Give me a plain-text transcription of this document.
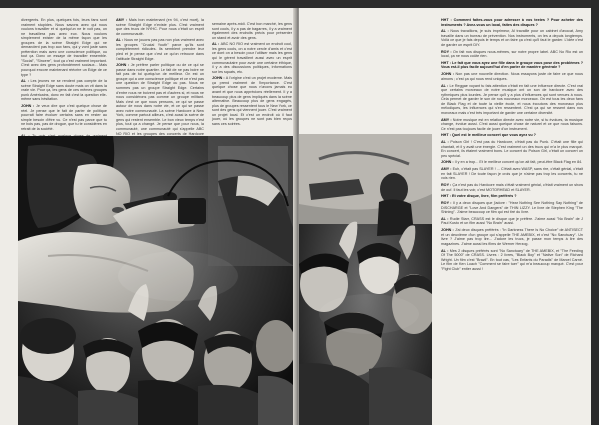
divergents. En plus, quelques fois, leurs fans sont vraiment stupides. Nous savons avec qui nous voulons travailler et si quelqu'un ne le voit pas, on ne travaillera pas avec eux. Nous voulons simplement exister de la même façon que les groupes de la scène Straight Edge qui ne demandent pas trop aux fans, qui y vont juste sans prétention mais avec une conscience politique, ou tout ça. Donc on essaye de travailler ensemble. "Social", "Sincere", tout ça c'est vraiment important. C'est avec des gens profondément sociaux... Mais pourquoi encore maintenant réécrire un Edge de ce type ?

AL : Les jeunes ne se rendent pas compte de la scène Straight Edge sans doute mais on vit dans la vraie vie. Pour ça, les gens de ces mêmes groupes punk Américains, donc en fait c'est la question elle-même sans hésitation.

JOHN : Je veux dire que c'est quelque chose de réel. Je pense que le fait de parler de politique pourrait faire évoluer certains sans en rester au simple besoin d'être vu. Ce n'est pas parce que tu ne bois pas, pas de drogue, que tu te considères en retrait de la société.

AMY : Mais bon maintenant (en 94, c'est mort), la scène Straight Edge n'existe plus. C'est vraiment que des trucs de NYHC. Pour nous c'était un esprit de communauté.

AL : Nous ne jouons pas pas non plus vraiment avec les groupes "Crucial Youth" parce qu'ils sont complètement ridicules. Ils semblent prendre leur pied et je pense que c'est ce qu'on retrouve dans l'attitude Straight Edge.

JOHN : Je préfère parler politique ou de ce qui se passe dans notre quartier. Le fait de ne pas boire ne fait pas de toi quelqu'un de meilleur. On est un groupe qui a une conscience politique et ce n'est pas une question de Straight Edge ou pas. Nous ne sommes pas un groupe Straight Edge. Certains d'entre nous ne boivent pas et d'autres si, et nous ne nous considérons pas comme un groupe militant. Mais c'est ce que nous pensons, ce qui se passe autour de nous dans notre vie, et ce qui se passe avec notre communauté. La scène Hardcore à New York, comme partout ailleurs, c'est aussi la scène de gens qui restent ensemble. Le bon vieux temps n'est plus, tout ça a changé. Je pense que pour nous, la communauté, une communauté qui s'appelle ABC NO RIO et les groupes des concerts de Hardcore

semaine après-midi. C'est bon marché, les gens sont cools, il y a pas de bagarres, il y a vraiment également des endroits précis pour présenter un stand et avoir des gens.

AL : ABC NO RIO est vraiment un endroit cool, les gens cools, on a notre cercle d'amis et c'est ce dont on a besoin pour l'utiliser mais les gens qui le gèrent travaillent aussi avec un esprit communautaire pour avoir une certaine éthique, il y a des discussions politiques, informations sur les squats, etc.

JOHN : A l'origine c'est un projet moderne. Mais ça prend vraiment de l'importance. C'est quelque chose que nous n'avons jamais eu avant et que nous apprécions réellement. Il y a beaucoup plus de gens impliqués dans la scène alternative. Beaucoup plus de gens engagés, plus de groupes ressentent tous le New York, ce sont des gens qui viennent jouer. C'est vraiment un projet local. Et c'est un endroit où il faut jouer, où les groupes ne sont pas bien reçus sans ces soirées.

HHT : Comment faites-vous pour adresser à vos textes ? Pour acheter des instruments ? Avez-vous un local, faites des disques ?

AL : Nous travaillons, je suis imprimeur, Al travaille pour un cabinet d'avocat, Amy travaille dans un bureau de prévention. Nos instruments, on les a depuis longtemps. Voilà ce que je fais depuis le temps et on faire ça c'est qu'il faut le garder. L'idée c'est de garder un esprit DIY.

ROY : On fait nos disques nous-mêmes, sur notre propre label. ABC No Rio est un local, ça ne nous coûte rien.

HHT : Le fait que vous ayez une fille dans le groupe vous pose des problèmes ? Vous est-il plus facile aujourd'hui d'en parler de manière générale ?

JOHN : Non pas une nouvelle direction. Nous essayons juste de faire ce que nous aimons ; c'est ça qui nous rend uniques.

AL : Le Reggae voyant tu fais attention c'était en fait une influence directe. C'est vrai que certains morceaux de notre musique ont un son de hardcore avec des rythmiques plus lourdes. Je pense qu'il y a plus d'influences qui sont venues à nous. Cela permet de garder le son de nos nouveaux morceaux. On est tous les deux fans de Black Flag et de toute la vieille école, et nous écoutons des morceaux plus mélodiques, les influences qui s'en ressentent. C'est ça qui se ressent dans nos morceaux mais c'est très important de garder une certaine diversité.

AMY : Notre musique est en relation directe avec notre vie, si tu évolues, ta musique change, évolue aussi. C'est aussi quelque chose de naturel et ce que nous faisons. Ce n'est pas toujours facile de jouer d'un instrument.

HHT : Quel est le meilleur concert que vous ayez vu ?

AL : Poison Girl ! C'est pas du Hardcore, c'était pas du Punk. C'était une fille qui chantait, et il y avait une énergie. C'est vraiment un des trucs qui m'a le plus marqué. En concert, ils étaient vraiment bons. Le concert du Poison Girl, c'était un concert un peu spécial.

JOHN : Il y en a trop... Et le meilleur concert qu'on ait fait, peut-être Black Flag en 84.

AMY : Euh, c'était pas SLAYER ! ... C'était avec WASP, sans rire, c'était génial, c'était en fait SLAYER ! De toute façon je crois que je n'aime pas trop les concerts, tu ne vois rien.

ROY : Ça n'est pas du Hardcore mais c'était vraiment génial, c'était vraiment un show de ouf. Il faut les voir, c'est MOTORHEAD et SLAYER.

HHT : Et votre disque, livre, film préférés ?

ROY : Il y a deux disques que j'adore : "Hear Nothing See Nothing Say Nothing" de DISCHARGE et "Love And Dangers" de THIN LIZZY. Le livre de Stephen King "The Shining". J'aime beaucoup ce film qui est tiré du livre.

AL : Rudie Starr, CRASS est le disque que je préfère. J'aime aussi "No Brain" de J Paul Kusto et un film aussi "No Brain" aussi.

JOHN : J'ai deux disques préférés : "In Darkness There Is No Choice" de ANTISECT et un deuxième d'un groupe qui s'appelle THE AMEBIX, et c'est "No Sanctuary". Un livre ? J'aime pas trop lire... J'adore les trucs, je passe mon temps à lire des magazines. J'aime aussi les films de Werner Herzog.

AL : Mes 2 disques préférés sont "No Sanctuary" de THE AMEBIX, et "The Feeding Of The 5000" de CRASS. Livres : 2 livres, "Black Boy" et "Native Son" de Richard Wright. Un film c'est "Brazil". En tout cas, "Les Enfants du Paradis" de Marcel Carné. Le film de Ken Loach "Comment se faire tuer" qui m'a beaucoup marqué. C'est pour "Fight Club" entier aussi !
